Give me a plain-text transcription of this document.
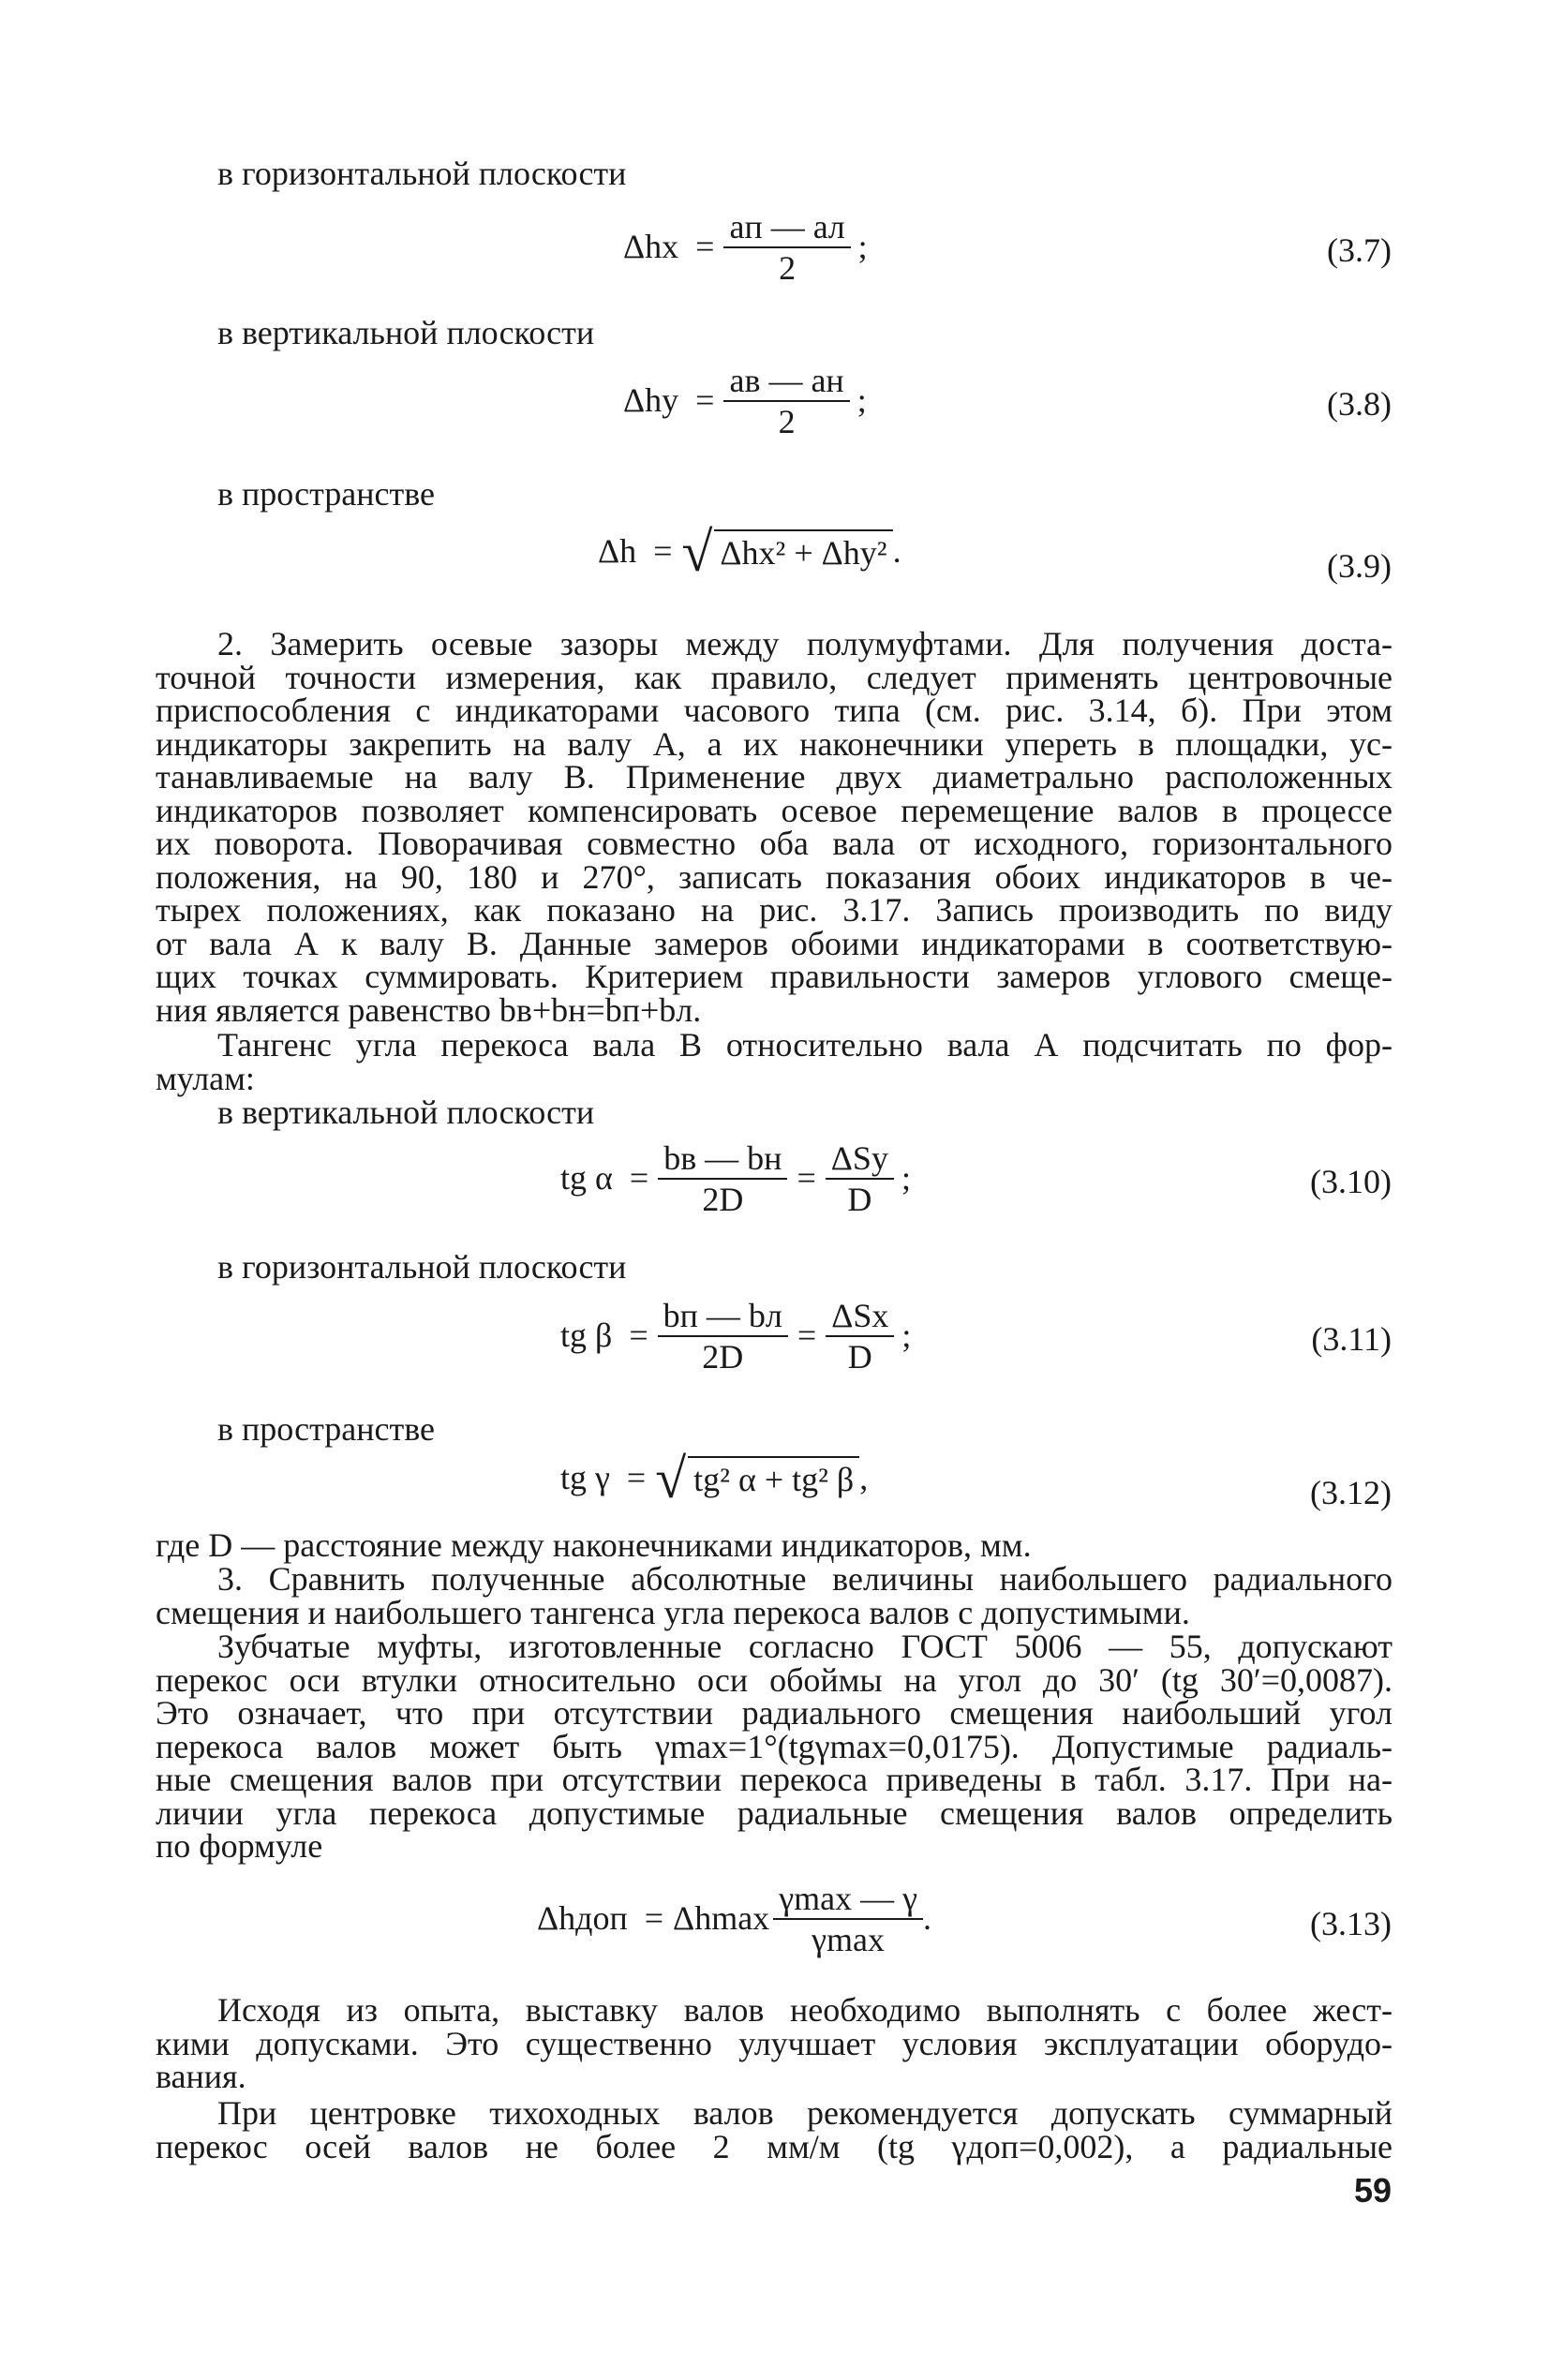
в горизонтальной плоскости

$\Delta hx = \frac{aп — aл}{2}$ ;	(3.7)

в вертикальной плоскости

$\Delta hy = \frac{aв — aн}{2}$ ;	(3.8)

в пространстве

Δh = √ Δhx² + Δhy² .	(3.9)
2. Замерить осевые зазоры между полумуфтами. Для получения доста-
точной точности измерения, как правило, следует применять центровочные
приспособления с индикаторами часового типа (см. рис. 3.14, б). При этом
индикаторы закрепить на валу А, а их наконечники упереть в площадки, ус-
танавливаемые на валу В. Применение двух диаметрально расположенных
индикаторов позволяет компенсировать осевое перемещение валов в процессе
их поворота. Поворачивая совместно оба вала от исходного, горизонтального
положения, на 90, 180 и 270°, записать показания обоих индикаторов в че-
тырех положениях, как показано на рис. 3.17. Запись производить по виду
от вала А к валу В. Данные замеров обоими индикаторами в соответствую-
щих точках суммировать. Критерием правильности замеров углового смеще-
ния является равенство bв+bн=bп+bл.
Тангенс угла перекоса вала В относительно вала А подсчитать по фор-
мулам:

в вертикальной плоскости

tg $\alpha = \frac{bв — bн}{2D} = \frac{\text{ΔSy}}{D}$ ;	(3.10)

в горизонтальной плоскости

tg $\beta = \frac{bп — bл}{2D} = \frac{\text{ΔSx}}{D}$ ;	(3.11)

в пространстве

tg γ = √ tg² α + tg² β ,	(3.12)
где D — расстояние между наконечниками индикаторов, мм.
3. Сравнить полученные абсолютные величины наибольшего радиального
смещения и наибольшего тангенса угла перекоса валов с допустимыми.
Зубчатые муфты, изготовленные согласно ГОСТ 5006 — 55, допускают
перекос оси втулки относительно оси обоймы на угол до 30′ (tg 30′=0,0087).
Это означает, что при отсутствии радиального смещения наибольший угол
перекоса валов может быть γmax=1°(tgγmax=0,0175). Допустимые радиаль-
ные смещения валов при отсутствии перекоса приведены в табл. 3.17. При на-
личии угла перекоса допустимые радиальные смещения валов определить
по формуле
Δhдоп = Δhmax $\frac{\gamma\max — \gamma}{\gamma\max}$ .	(3.13)
Исходя из опыта, выставку валов необходимо выполнять с более жест-
кими допусками. Это существенно улучшает условия эксплуатации оборудо-
вания.
При центровке тихоходных валов рекомендуется допускать суммарный
перекос осей валов не более 2 мм/м (tg γдоп=0,002), а радиальные
59
